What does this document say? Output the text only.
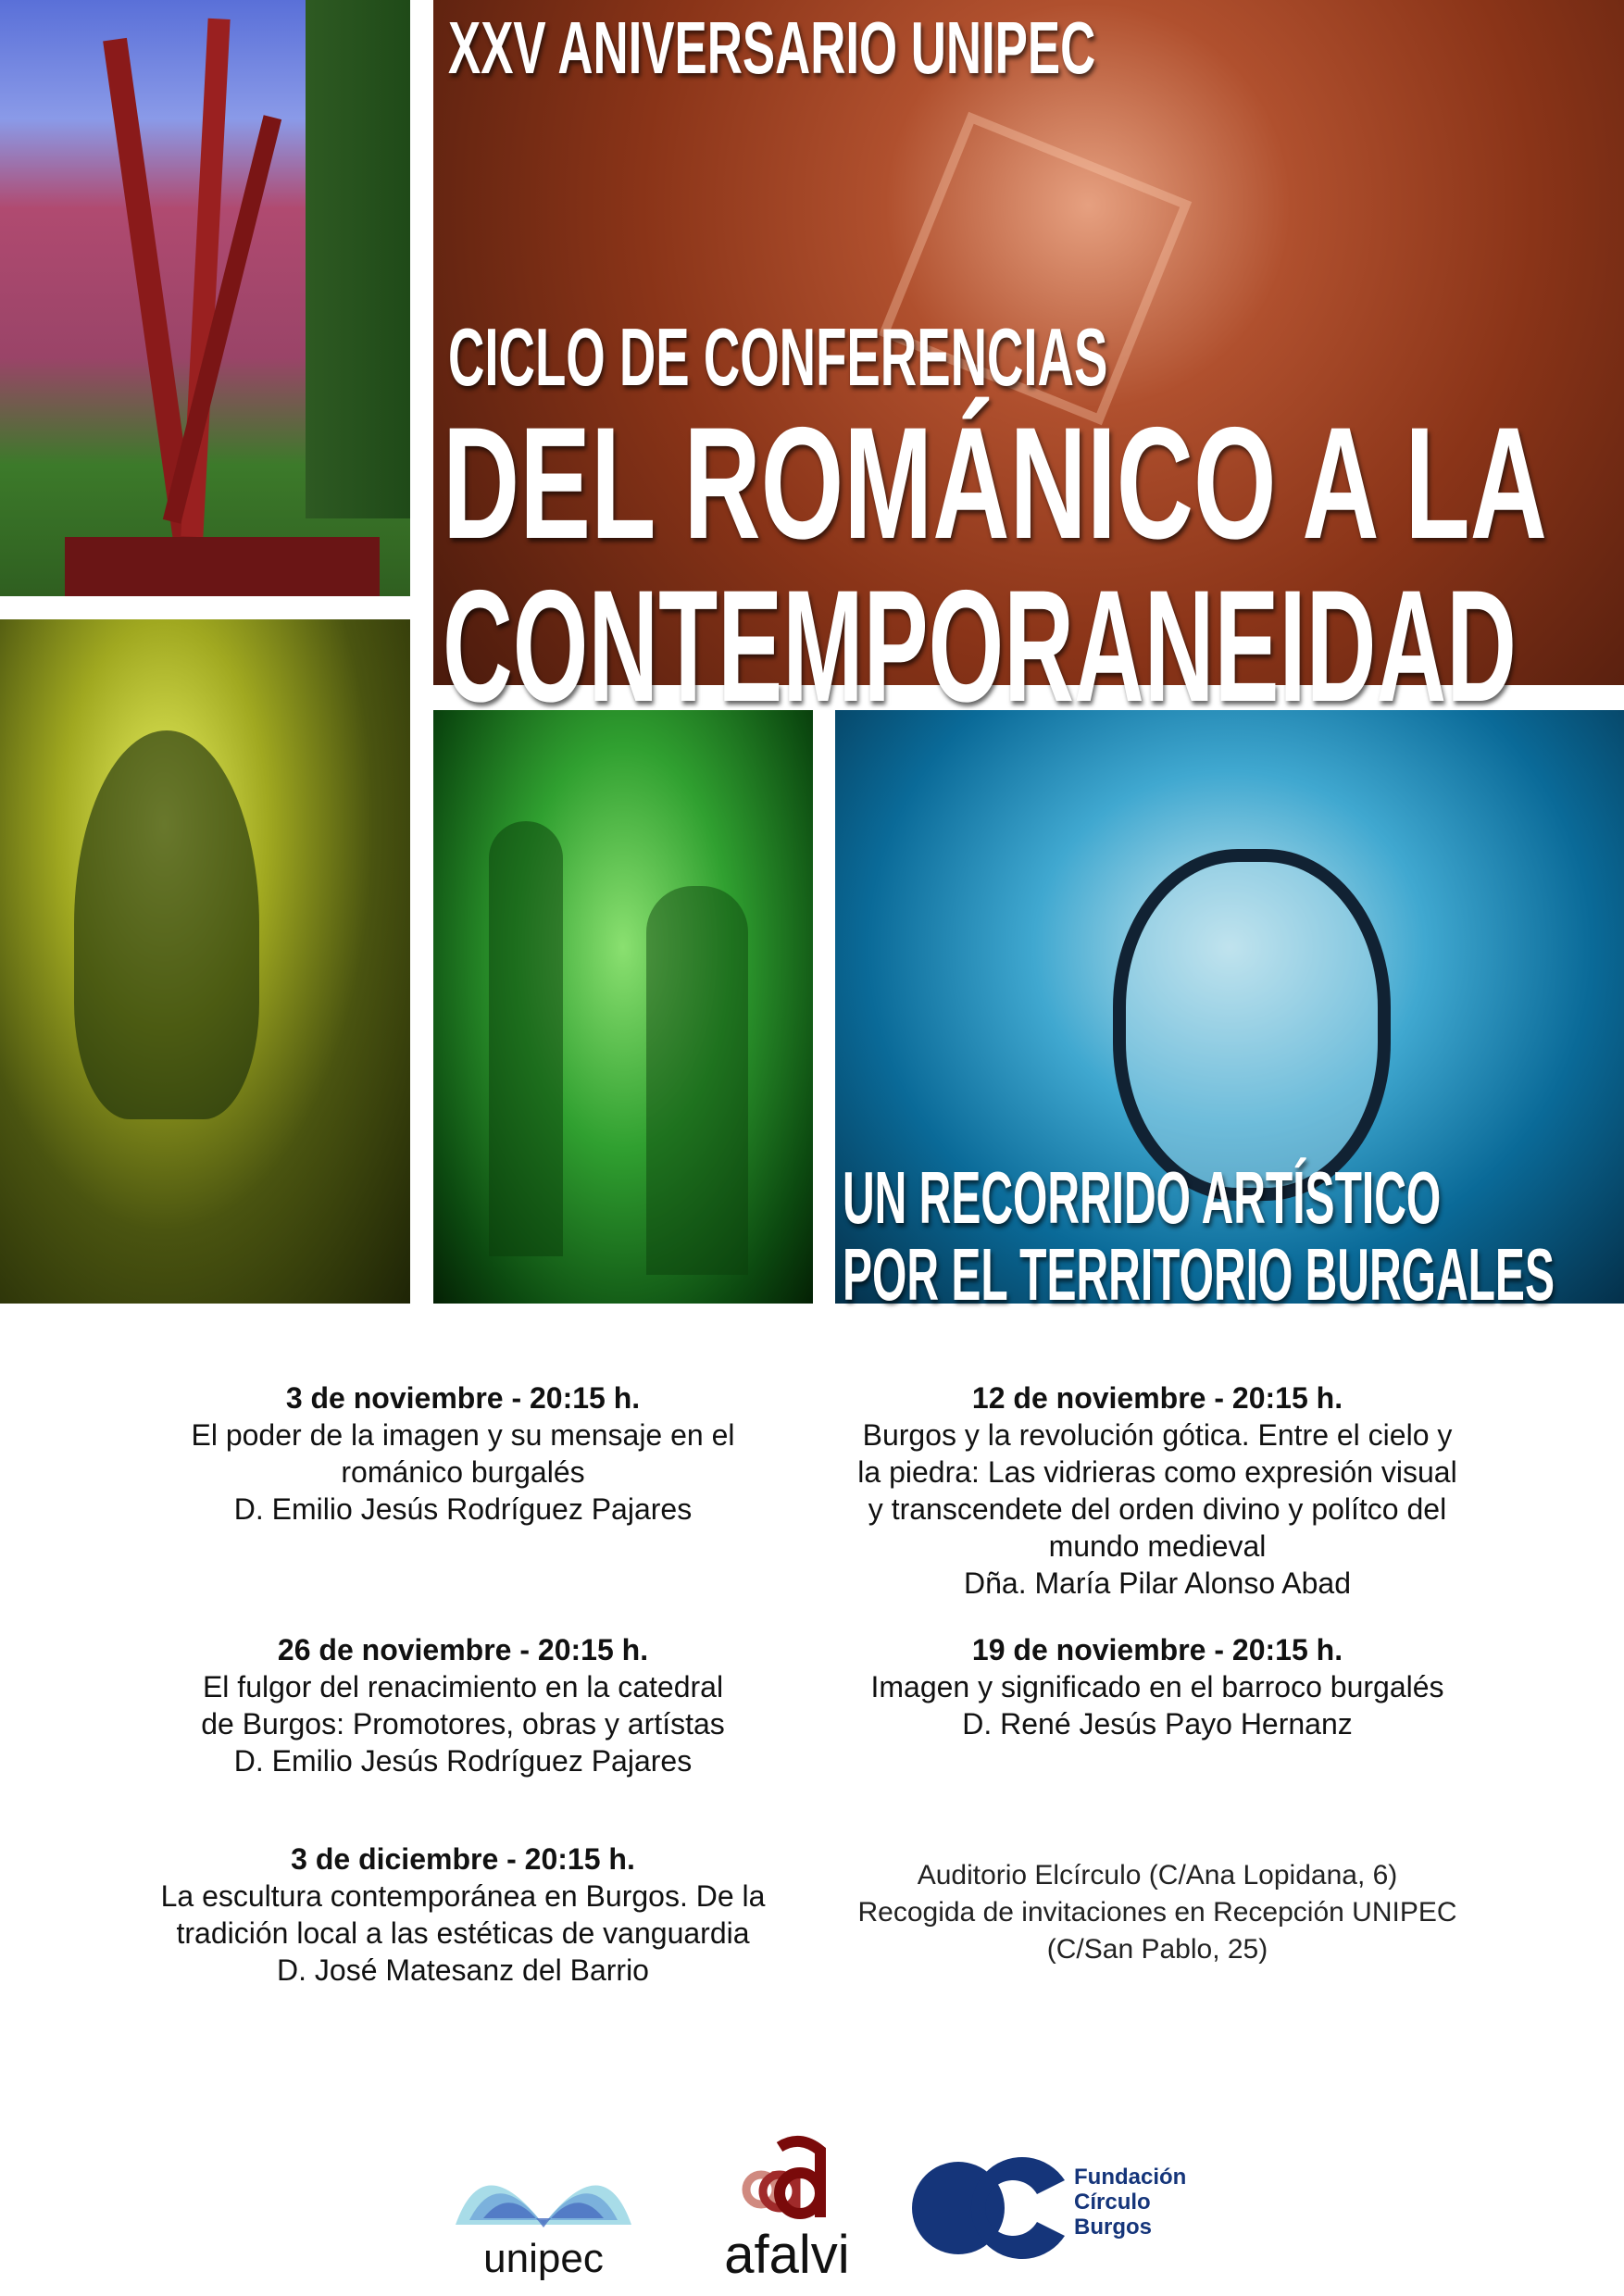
XXV ANIVERSARIO UNIPEC
CICLO DE CONFERENCIAS
DEL ROMÁNICO A LA
CONTEMPORANEIDAD
UN RECORRIDO ARTÍSTICO
POR EL TERRITORIO BURGALES
3 de noviembre - 20:15 h.
El poder de la imagen y su mensaje en el
románico burgalés
D. Emilio Jesús Rodríguez Pajares
12 de noviembre - 20:15 h.
Burgos y la revolución gótica. Entre el cielo y
la piedra: Las vidrieras como expresión visual
y transcendete del orden divino y polítco del
mundo medieval
Dña. María Pilar Alonso Abad
26 de noviembre - 20:15 h.
El fulgor del renacimiento en la catedral
de Burgos: Promotores, obras y artístas
D. Emilio Jesús Rodríguez Pajares
19 de noviembre - 20:15 h.
Imagen y significado en el barroco burgalés
D. René Jesús Payo Hernanz
3 de diciembre - 20:15 h.
La escultura contemporánea en Burgos. De la
tradición local a las estéticas de vanguardia
D. José Matesanz del Barrio
Auditorio Elcírculo (C/Ana Lopidana, 6)
Recogida de invitaciones en Recepción UNIPEC
(C/San Pablo, 25)
unipec	afalvi
Fundación
Círculo
Burgos
